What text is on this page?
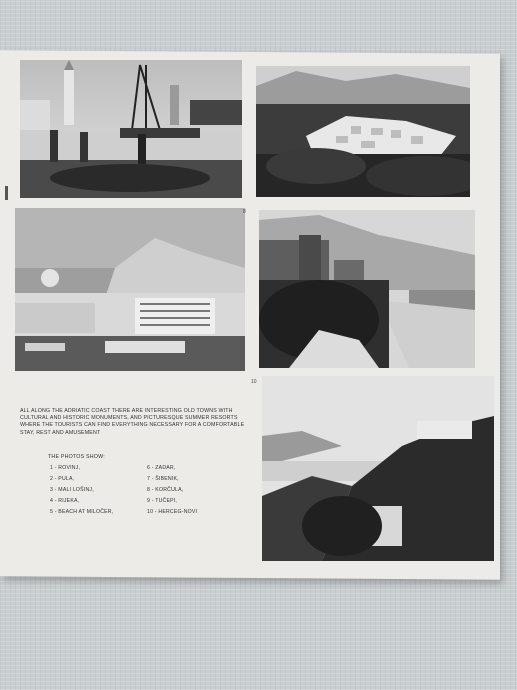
8
10
ALL ALONG THE ADRIATIC COAST THERE ARE INTERESTING OLD TOWNS WITH CULTURAL AND HISTORIC MONUMENTS, AND PICTURESQUE SUMMER RESORTS WHERE THE TOURISTS CAN FIND EVERYTHING NECESSARY FOR A COMFORTABLE STAY, REST AND AMUSEMENT
THE PHOTOS SHOW:
1 - ROVINJ,
2 - PULA,
3 - MALI LOŠINJ,
4 - RIJEKA,
5 - BEACH AT MILOČER,
6 - ZADAR,
7 - ŠIBENIK,
8 - KORČULA,
9 - TUČEPI,
10 - HERCEG-NOVI
